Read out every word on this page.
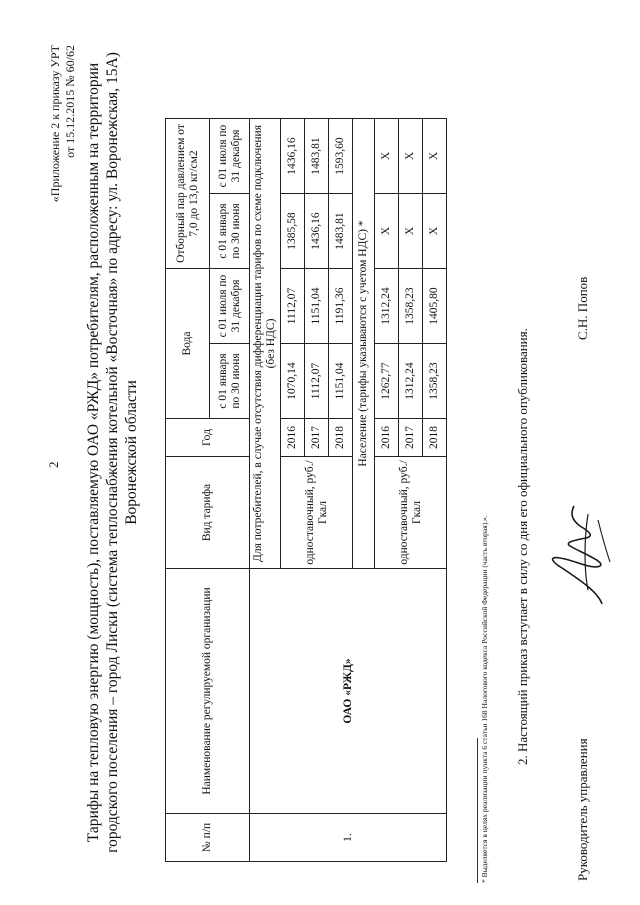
2
«Приложение 2 к приказу УРТ от 15.12.2015 № 60/62 Тарифы на тепловую энергию (мощность), поставляемую ОАО «РЖД» потребителям, расположенным на территории городского поселения – город Лиски (система теплоснабжения котельной «Восточная» по адресу: ул. Воронежская, 15А) Воронежской области
№ п/п	Наименование регулируемой организации	Вид тарифа	Год	Вода		Отборный пар давлением от 7,0 до 13,0 кг/см2	
				с 01 января по 30 июня	с 01 июля по 31 декабря	с 01 января по 30 июня	с 01 июля по 31 декабря
1.	ОАО «РЖД»	Для потребителей, в случае отсутствия дифференциации тарифов по схеме подключения (без НДС)					
		одноставочный, руб./Гкал	2016	1070,14	1112,07	1385,58	1436,16
			2017	1112,07	1151,04	1436,16	1483,81
			2018	1151,04	1191,36	1483,81	1593,60
		Население (тарифы указываются с учетом НДС) *					
		одноставочный, руб./Гкал	2016	1262,77	1312,24	X	X
			2017	1312,24	1358,23	X	X
			2018	1358,23	1405,80	X	X
* Выделяется в целях реализации пункта 6 статьи 168 Налогового кодекса Российской Федерации (часть вторая).». 2. Настоящий приказ вступает в силу со дня его официального опубликования.
Руководитель управления
С.Н. Попов
